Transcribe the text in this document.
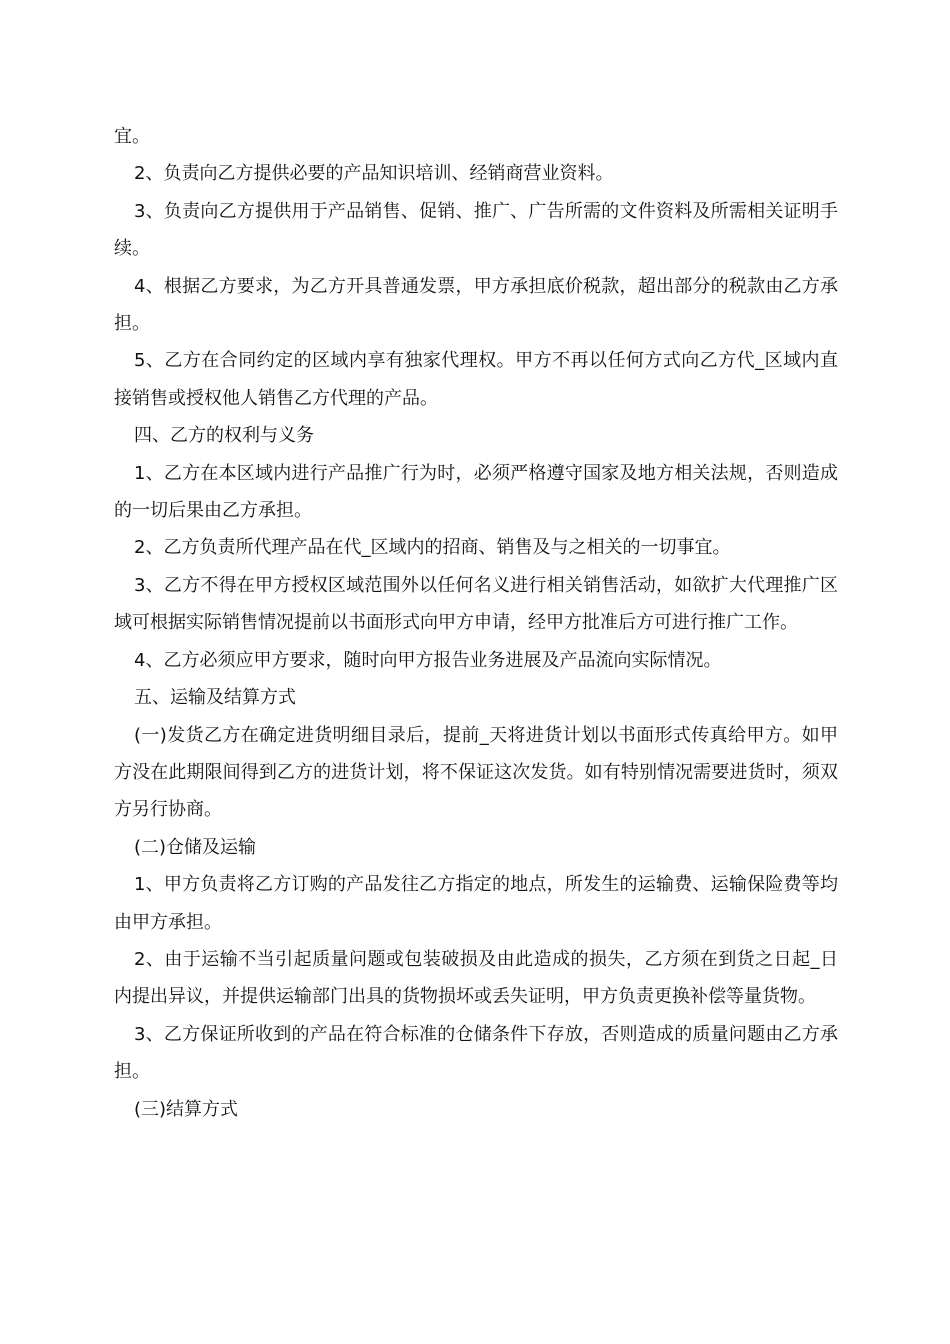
宜。

2、负责向乙方提供必要的产品知识培训、经销商营业资料。

3、负责向乙方提供用于产品销售、促销、推广、广告所需的文件资料及所需相关证明手续。

4、根据乙方要求，为乙方开具普通发票，甲方承担底价税款，超出部分的税款由乙方承担。

5、乙方在合同约定的区域内享有独家代理权。甲方不再以任何方式向乙方代_区域内直接销售或授权他人销售乙方代理的产品。

四、乙方的权利与义务

1、乙方在本区域内进行产品推广行为时，必须严格遵守国家及地方相关法规，否则造成的一切后果由乙方承担。

2、乙方负责所代理产品在代_区域内的招商、销售及与之相关的一切事宜。

3、乙方不得在甲方授权区域范围外以任何名义进行相关销售活动，如欲扩大代理推广区域可根据实际销售情况提前以书面形式向甲方申请，经甲方批准后方可进行推广工作。

4、乙方必须应甲方要求，随时向甲方报告业务进展及产品流向实际情况。

五、运输及结算方式

(一)发货乙方在确定进货明细目录后，提前_天将进货计划以书面形式传真给甲方。如甲方没在此期限间得到乙方的进货计划，将不保证这次发货。如有特别情况需要进货时，须双方另行协商。

(二)仓储及运输

1、甲方负责将乙方订购的产品发往乙方指定的地点，所发生的运输费、运输保险费等均由甲方承担。

2、由于运输不当引起质量问题或包装破损及由此造成的损失，乙方须在到货之日起_日内提出异议，并提供运输部门出具的货物损坏或丢失证明，甲方负责更换补偿等量货物。

3、乙方保证所收到的产品在符合标准的仓储条件下存放，否则造成的质量问题由乙方承担。

(三)结算方式
